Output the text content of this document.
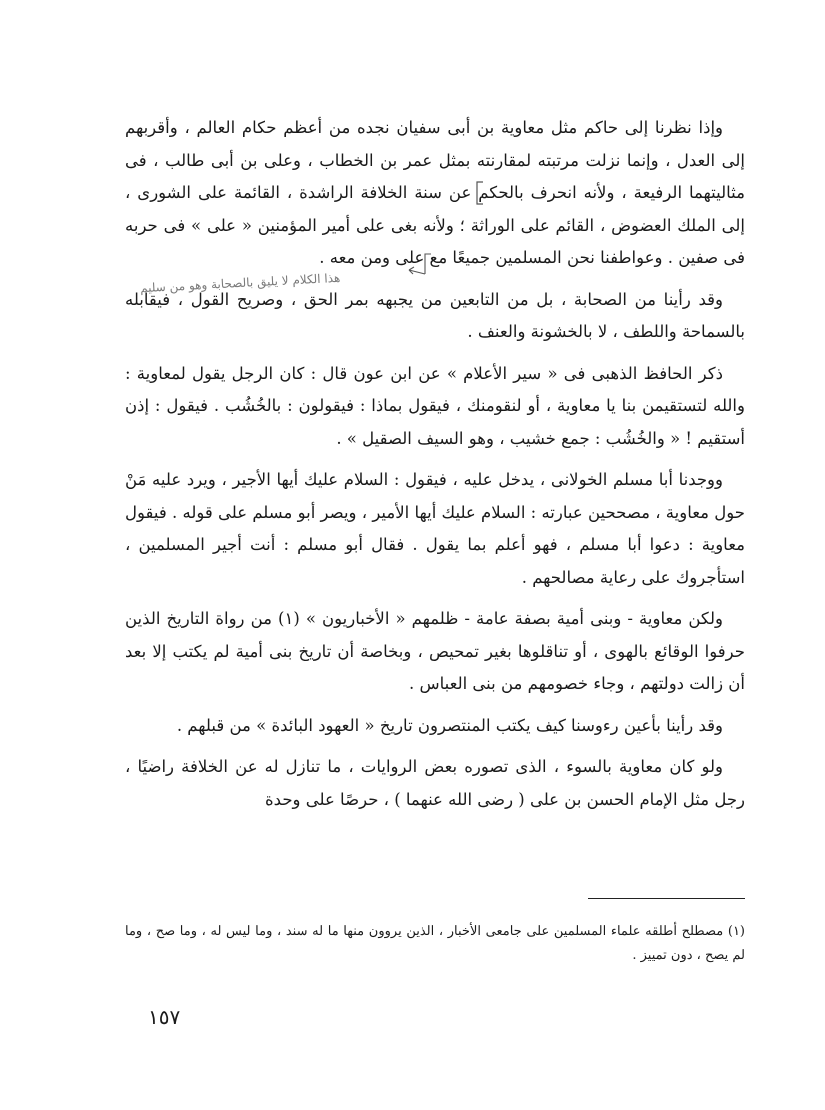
وإذا نظرنا إلى حاكم مثل معاوية بن أبى سفيان نجده من أعظم حكام العالم ، وأقربهم إلى العدل ، وإنما نزلت مرتبته لمقارنته بمثل عمر بن الخطاب ، وعلى بن أبى طالب ، فى مثاليتهما الرفيعة ، ولأنه انحرف بالحكم عن سنة الخلافة الراشدة ، القائمة على الشورى ، إلى الملك العضوض ، القائم على الوراثة ؛ ولأنه بغى على أمير المؤمنين « على » فى حربه فى صفين . وعواطفنا نحن المسلمين جميعًا مع على ومن معه .

وقد رأينا من الصحابة ، بل من التابعين من يجبهه بمر الحق ، وصريح القول ، فيقابله بالسماحة واللطف ، لا بالخشونة والعنف .

ذكر الحافظ الذهبى فى « سير الأعلام » عن ابن عون قال : كان الرجل يقول لمعاوية : والله لتستقيمن بنا يا معاوية ، أو لنقومنك ، فيقول بماذا : فيقولون : بالخُشُب . فيقول : إذن أستقيم ! « والخُشُب : جمع خشيب ، وهو السيف الصقيل » .

ووجدنا أبا مسلم الخولانى ، يدخل عليه ، فيقول : السلام عليك أيها الأجير ، ويرد عليه مَنْ حول معاوية ، مصححين عبارته : السلام عليك أيها الأمير ، ويصر أبو مسلم على قوله . فيقول معاوية : دعوا أبا مسلم ، فهو أعلم بما يقول . فقال أبو مسلم : أنت أجير المسلمين ، استأجروك على رعاية مصالحهم .

ولكن معاوية - وبنى أمية بصفة عامة - ظلمهم « الأخباريون » (١) من رواة التاريخ الذين حرفوا الوقائع بالهوى ، أو تناقلوها بغير تمحيص ، وبخاصة أن تاريخ بنى أمية لم يكتب إلا بعد أن زالت دولتهم ، وجاء خصومهم من بنى العباس .

وقد رأينا بأعين رءوسنا كيف يكتب المنتصرون تاريخ « العهود البائدة » من قبلهم .

ولو كان معاوية بالسوء ، الذى تصوره بعض الروايات ، ما تنازل له عن الخلافة راضيًا ، رجل مثل الإمام الحسن بن على ( رضى الله عنهما ) ، حرصًا على وحدة

هذا الكلام لا يليق بالصحابة وهو من سليم
(١) مصطلح أطلقه علماء المسلمين على جامعى الأخبار ، الذين يروون منها ما له سند ، وما ليس له ، وما صح ، وما لم يصح ، دون تمييز .
١٥٧
